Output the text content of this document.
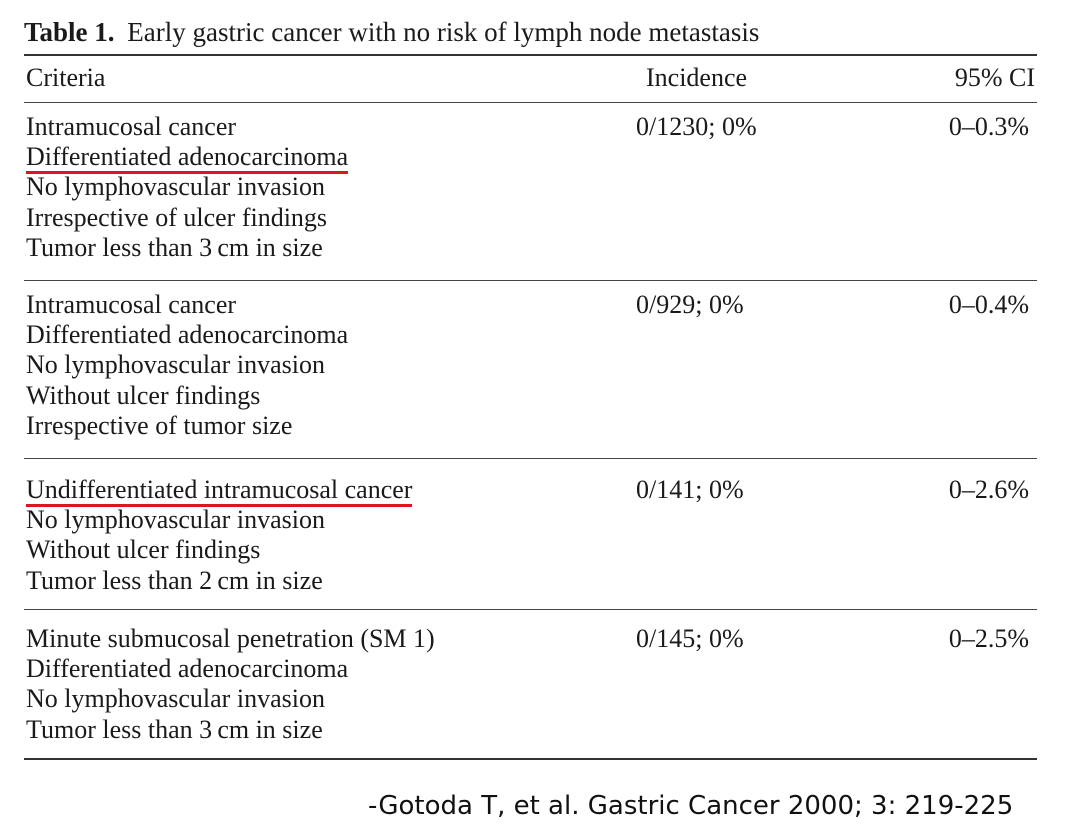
Table 1. Early gastric cancer with no risk of lymph node metastasis
Criteria	Incidence	95% CI
Intramucosal cancer
Differentiated adenocarcinoma
No lymphovascular invasion
Irrespective of ulcer findings
Tumor less than 3 cm in size
0/1230; 0%	0–0.3%
Intramucosal cancer
Differentiated adenocarcinoma
No lymphovascular invasion
Without ulcer findings
Irrespective of tumor size
0/929; 0%	0–0.4%
Undifferentiated intramucosal cancer
No lymphovascular invasion
Without ulcer findings
Tumor less than 2 cm in size
0/141; 0%	0–2.6%
Minute submucosal penetration (SM 1)
Differentiated adenocarcinoma
No lymphovascular invasion
Tumor less than 3 cm in size
0/145; 0%	0–2.5%
-Gotoda T, et al. Gastric Cancer 2000; 3: 219-225
